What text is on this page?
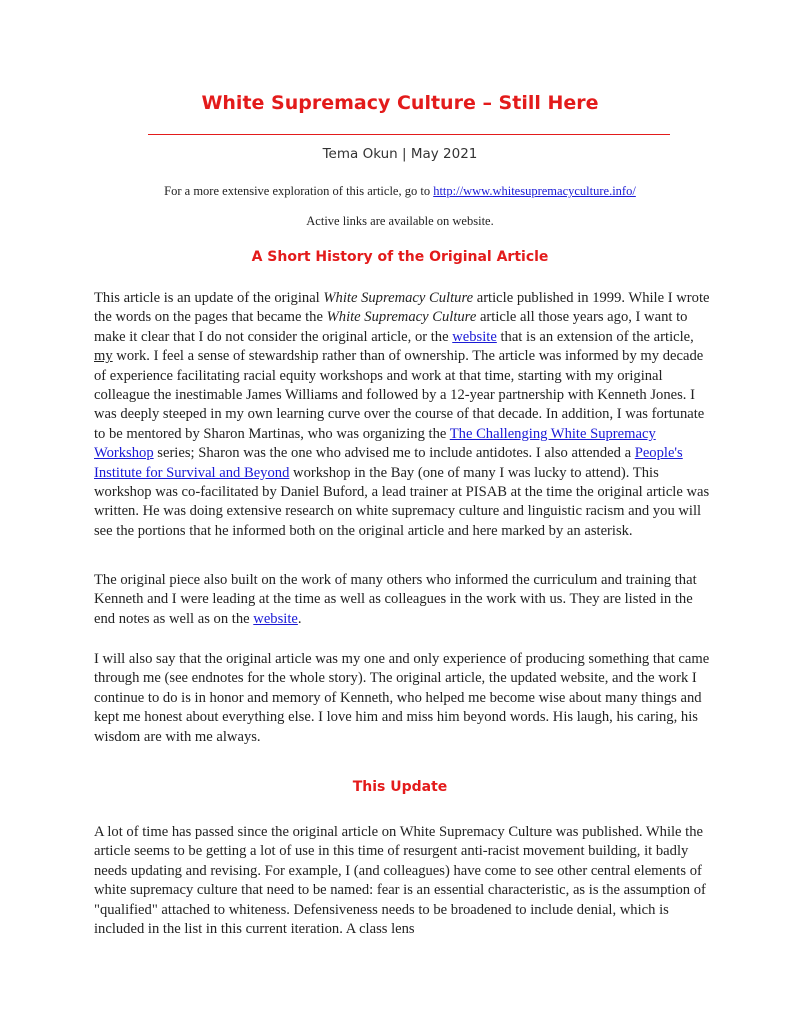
White Supremacy Culture – Still Here
Tema Okun | May 2021
For a more extensive exploration of this article, go to http://www.whitesupremacyculture.info/
Active links are available on website.
A Short History of the Original Article

This article is an update of the original White Supremacy Culture article published in 1999. While I wrote the words on the pages that became the White Supremacy Culture article all those years ago, I want to make it clear that I do not consider the original article, or the website that is an extension of the article, my work. I feel a sense of stewardship rather than of ownership. The article was informed by my decade of experience facilitating racial equity workshops and work at that time, starting with my original colleague the inestimable James Williams and followed by a 12-year partnership with Kenneth Jones. I was deeply steeped in my own learning curve over the course of that decade. In addition, I was fortunate to be mentored by Sharon Martinas, who was organizing the The Challenging White Supremacy Workshop series; Sharon was the one who advised me to include antidotes. I also attended a People's Institute for Survival and Beyond workshop in the Bay (one of many I was lucky to attend). This workshop was co-facilitated by Daniel Buford, a lead trainer at PISAB at the time the original article was written. He was doing extensive research on white supremacy culture and linguistic racism and you will see the portions that he informed both on the original article and here marked by an asterisk.

The original piece also built on the work of many others who informed the curriculum and training that Kenneth and I were leading at the time as well as colleagues in the work with us. They are listed in the end notes as well as on the website.

I will also say that the original article was my one and only experience of producing something that came through me (see endnotes for the whole story). The original article, the updated website, and the work I continue to do is in honor and memory of Kenneth, who helped me become wise about many things and kept me honest about everything else. I love him and miss him beyond words. His laugh, his caring, his wisdom are with me always.

This Update

A lot of time has passed since the original article on White Supremacy Culture was published. While the article seems to be getting a lot of use in this time of resurgent anti-racist movement building, it badly needs updating and revising. For example, I (and colleagues) have come to see other central elements of white supremacy culture that need to be named: fear is an essential characteristic, as is the assumption of "qualified" attached to whiteness. Defensiveness needs to be broadened to include denial, which is included in the list in this current iteration. A class lens
